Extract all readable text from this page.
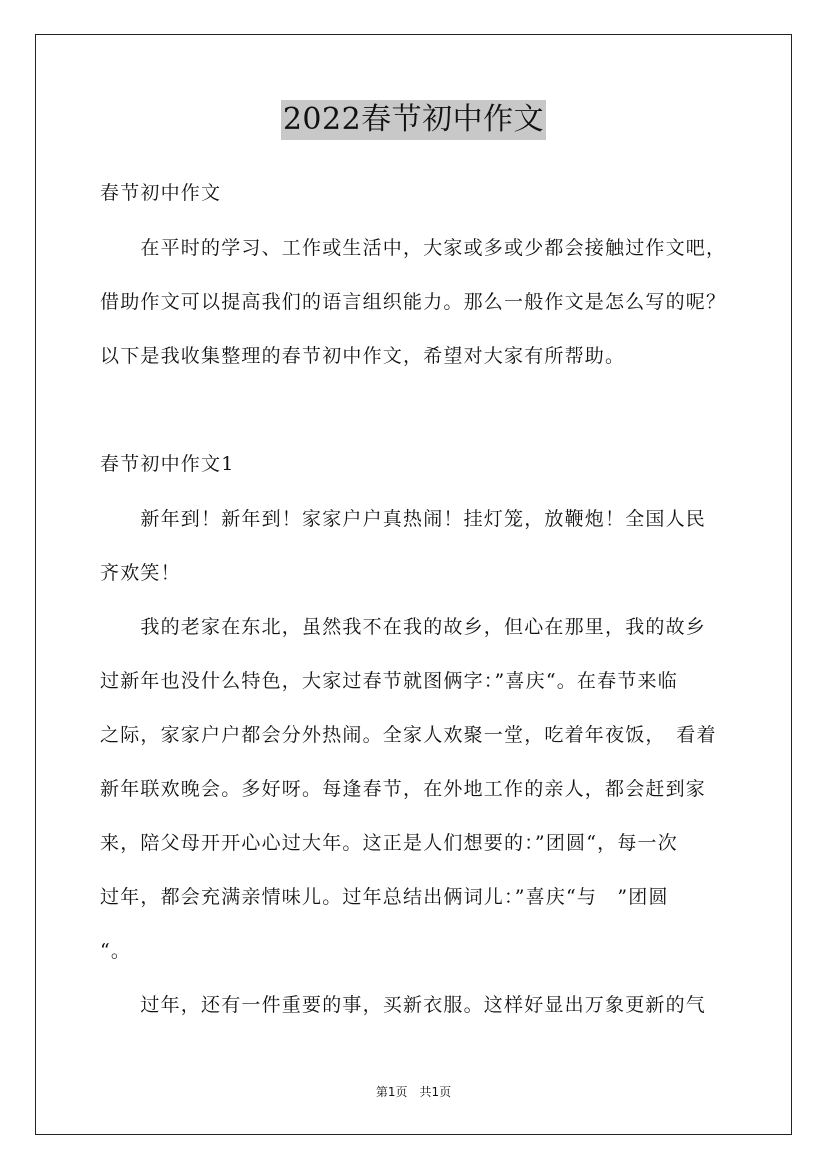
2022春节初中作文
春节初中作文
　　在平时的学习、工作或生活中，大家或多或少都会接触过作文吧，
借助作文可以提高我们的语言组织能力。那么一般作文是怎么写的呢？
以下是我收集整理的春节初中作文，希望对大家有所帮助。
春节初中作文1
　　新年到！新年到！家家户户真热闹！挂灯笼，放鞭炮！全国人民
齐欢笑！
　　我的老家在东北，虽然我不在我的故乡，但心在那里，我的故乡
过新年也没什么特色，大家过春节就图俩字：”喜庆“。在春节来临
之际，家家户户都会分外热闹。全家人欢聚一堂，吃着年夜饭，　看着
新年联欢晚会。多好呀。每逢春节，在外地工作的亲人，都会赶到家
来，陪父母开开心心过大年。这正是人们想要的：”团圆“，每一次
过年，都会充满亲情味儿。过年总结出俩词儿：”喜庆“与　”团圆
“。
　　过年，还有一件重要的事，买新衣服。这样好显出万象更新的气
第1页　共1页
